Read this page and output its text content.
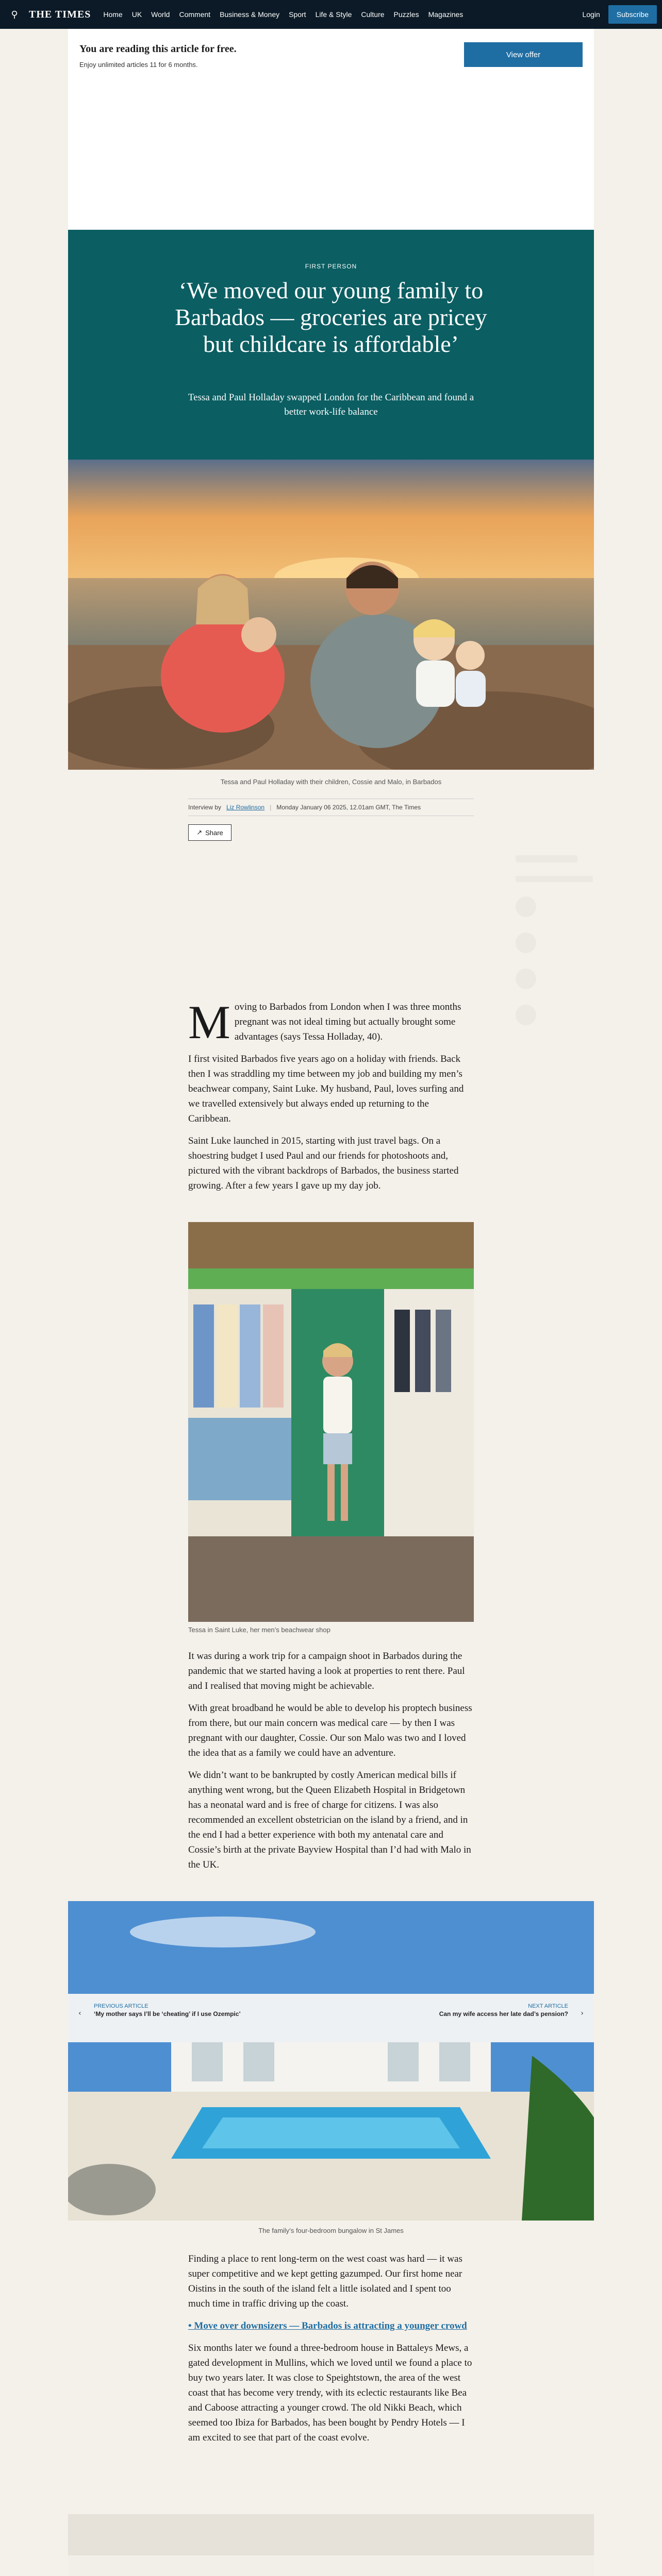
⚲	THE TIMES Home UK World Comment Business & Money Sport Life & Style Culture Puzzles Magazines	Login	Subscribe
You are reading this article for free.
Enjoy unlimited articles 11 for 6 months.
View offer
FIRST PERSON
‘We moved our young family to Barbados — groceries are pricey but childcare is affordable’
Tessa and Paul Holladay swapped London for the Caribbean and found a better work-life balance
Tessa and Paul Holladay with their children, Cossie and Malo, in Barbados
Interview by Liz Rowlinson | Monday January 06 2025, 12.01am GMT, The Times
↗ Share

Moving to Barbados from London when I was three months pregnant was not ideal timing but actually brought some advantages (says Tessa Holladay, 40).

I first visited Barbados five years ago on a holiday with friends. Back then I was straddling my time between my job and building my men’s beachwear company, Saint Luke. My husband, Paul, loves surfing and we travelled extensively but always ended up returning to the Caribbean.

Saint Luke launched in 2015, starting with just travel bags. On a shoestring budget I used Paul and our friends for photoshoots and, pictured with the vibrant backdrops of Barbados, the business started growing. After a few years I gave up my day job.

Tessa in Saint Luke, her men’s beachwear shop

It was during a work trip for a campaign shoot in Barbados during the pandemic that we started having a look at properties to rent there. Paul and I realised that moving might be achievable.

With great broadband he would be able to develop his proptech business from there, but our main concern was medical care — by then I was pregnant with our daughter, Cossie. Our son Malo was two and I loved the idea that as a family we could have an adventure.

We didn’t want to be bankrupted by costly American medical bills if anything went wrong, but the Queen Elizabeth Hospital in Bridgetown has a neonatal ward and is free of charge for citizens. I was also recommended an excellent obstetrician on the island by a friend, and in the end I had a better experience with both my antenatal care and Cossie’s birth at the private Bayview Hospital than I’d had with Malo in the UK.

‹
PREVIOUS ARTICLE
‘My mother says I’ll be ‘cheating’ if I use Ozempic’
NEXT ARTICLE
Can my wife access her late dad’s pension? ›
The family’s four-bedroom bungalow in St James

Finding a place to rent long-term on the west coast was hard — it was super competitive and we kept getting gazumped. Our first home near Oistins in the south of the island felt a little isolated and I spent too much time in traffic driving up the coast.

• Move over downsizers — Barbados is attracting a younger crowd

Six months later we found a three-bedroom house in Battaleys Mews, a gated development in Mullins, which we loved until we found a place to buy two years later. It was close to Speightstown, the area of the west coast that has become very trendy, with its eclectic restaurants like Bea and Caboose attracting a younger crowd. The old Nikki Beach, which seemed too Ibiza for Barbados, has been bought by Pendry Hotels — I am excited to see that part of the coast evolve.
